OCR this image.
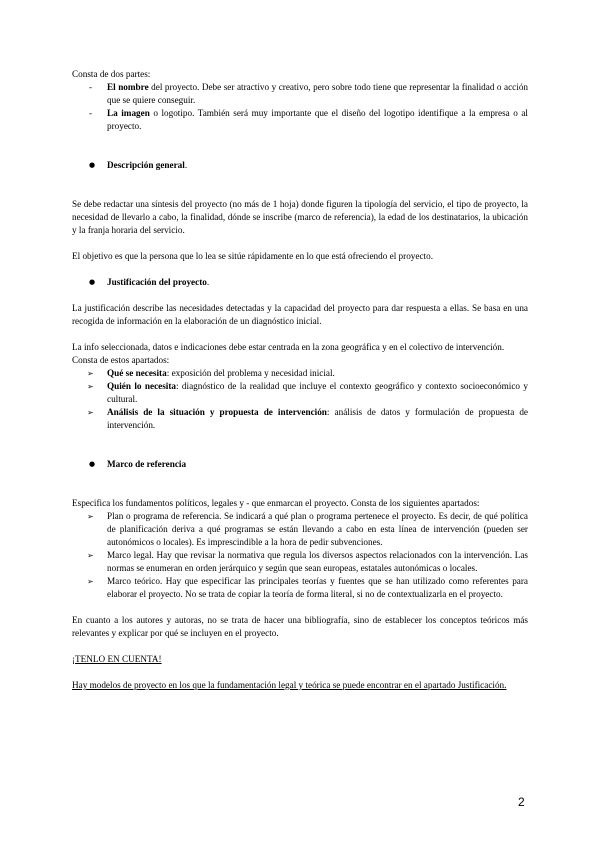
Consta de dos partes:

- El nombre del proyecto. Debe ser atractivo y creativo, pero sobre todo tiene que representar la finalidad o acción que se quiere conseguir.
- La imagen o logotipo. También será muy importante que el diseño del logotipo identifique a la empresa o al proyecto.
● Descripción general.

Se debe redactar una síntesis del proyecto (no más de 1 hoja) donde figuren la tipología del servicio, el tipo de proyecto, la necesidad de llevarlo a cabo, la finalidad, dónde se inscribe (marco de referencia), la edad de los destinatarios, la ubicación y la franja horaria del servicio.

El objetivo es que la persona que lo lea se sitúe rápidamente en lo que está ofreciendo el proyecto.

● Justificación del proyecto.

La justificación describe las necesidades detectadas y la capacidad del proyecto para dar respuesta a ellas. Se basa en una recogida de información en la elaboración de un diagnóstico inicial.

La info seleccionada, datos e indicaciones debe estar centrada en la zona geográfica y en el colectivo de intervención.

Consta de estos apartados:

➢ Qué se necesita: exposición del problema y necesidad inicial.
➢ Quién lo necesita: diagnóstico de la realidad que incluye el contexto geográfico y contexto socioeconómico y cultural.
➢ Análisis de la situación y propuesta de intervención: análisis de datos y formulación de propuesta de intervención.
● Marco de referencia

Especifica los fundamentos políticos, legales y - que enmarcan el proyecto. Consta de los siguientes apartados:

➢ Plan o programa de referencia. Se indicará a qué plan o programa pertenece el proyecto. Es decir, de qué política de planificación deriva a qué programas se están llevando a cabo en esta línea de intervención (pueden ser autonómicos o locales). Es imprescindible a la hora de pedir subvenciones.
➢ Marco legal. Hay que revisar la normativa que regula los diversos aspectos relacionados con la intervención. Las normas se enumeran en orden jerárquico y según que sean europeas, estatales autonómicas o locales.
➢ Marco teórico. Hay que especificar las principales teorías y fuentes que se han utilizado como referentes para elaborar el proyecto. No se trata de copiar la teoría de forma literal, si no de contextualizarla en el proyecto.

En cuanto a los autores y autoras, no se trata de hacer una bibliografía, sino de establecer los conceptos teóricos más relevantes y explicar por qué se incluyen en el proyecto.

¡TENLO EN CUENTA!

Hay modelos de proyecto en los que la fundamentación legal y teórica se puede encontrar en el apartado Justificación.

2
